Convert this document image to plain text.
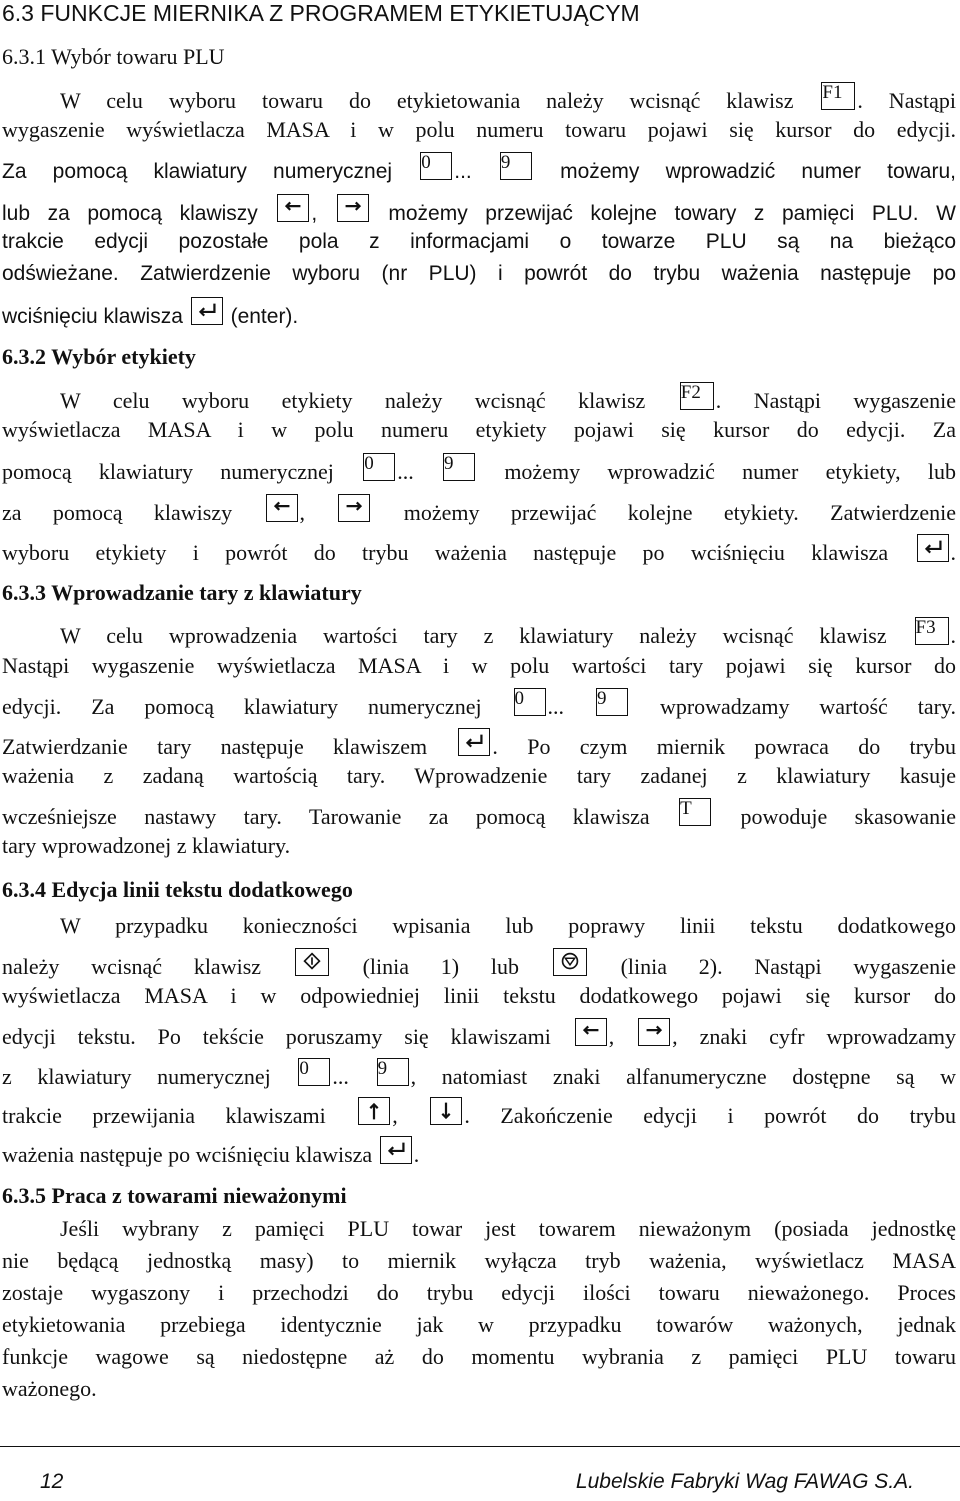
6.3 FUNKCJE MIERNIKA Z PROGRAMEM ETYKIETUJĄCYM
6.3.1 Wybór towaru PLU
W celu wyboru towaru do etykietowania należy wcisnąć klawisz F1 . Nastąpi
wygaszenie wyświetlacza MASA i w polu numeru towaru pojawi się kursor do edycji.
Za pomocą klawiatury numerycznej 0	... 9	możemy wprowadzić numer towaru,
lub za pomocą klawiszy	,	możemy przewijać kolejne towary z pamięci PLU. W
trakcie edycji pozostałe pola z informacjami o towarze PLU są na bieżąco
odświeżane. Zatwierdzenie wyboru (nr PLU) i powrót do trybu ważenia następuje po
wciśnięciu klawisza (enter).
6.3.2 Wybór etykiety
W celu wyboru etykiety należy wcisnąć klawisz F2 . Nastąpi wygaszenie
wyświetlacza MASA i w polu numeru etykiety pojawi się kursor do edycji. Za
pomocą klawiatury numerycznej 0	... 9	możemy wprowadzić numer etykiety, lub
za pomocą klawiszy	,	możemy przewijać kolejne etykiety. Zatwierdzenie
wyboru etykiety i powrót do trybu ważenia następuje po wciśnięciu klawisza	.
6.3.3 Wprowadzanie tary z klawiatury
W celu wprowadzenia wartości tary z klawiatury należy wcisnąć klawisz F3 .
Nastąpi wygaszenie wyświetlacza MASA i w polu wartości tary pojawi się kursor do
edycji. Za pomocą klawiatury numerycznej 0	... 9	wprowadzamy wartość tary.
Zatwierdzanie tary następuje klawiszem	. Po czym miernik powraca do trybu
ważenia z zadaną wartością tary. Wprowadzenie tary zadanej z klawiatury kasuje
wcześniejsze nastawy tary. Tarowanie za pomocą klawisza T	powoduje skasowanie
tary wprowadzonej z klawiatury.
6.3.4 Edycja linii tekstu dodatkowego
W przypadku konieczności wpisania lub poprawy linii tekstu dodatkowego
należy wcisnąć klawisz	(linia 1) lub	(linia 2). Nastąpi wygaszenie
wyświetlacza MASA i w odpowiedniej linii tekstu dodatkowego pojawi się kursor do
edycji tekstu. Po tekście poruszamy się klawiszami	,	, znaki cyfr wprowadzamy
z klawiatury numerycznej 0	... 9	, natomiast znaki alfanumeryczne dostępne są w
trakcie przewijania klawiszami	,	. Zakończenie edycji i powrót do trybu
ważenia następuje po wciśnięciu klawisza .
6.3.5 Praca z towarami nieważonymi
Jeśli wybrany z pamięci PLU towar jest towarem nieważonym (posiada jednostkę
nie będącą jednostką masy) to miernik wyłącza tryb ważenia, wyświetlacz MASA
zostaje wygaszony i przechodzi do trybu edycji ilości towaru nieważonego. Proces
etykietowania przebiega identycznie jak w przypadku towarów ważonych, jednak
funkcje wagowe są niedostępne aż do momentu wybrania z pamięci PLU towaru
ważonego.
12	Lubelskie Fabryki Wag FAWAG S.A.
